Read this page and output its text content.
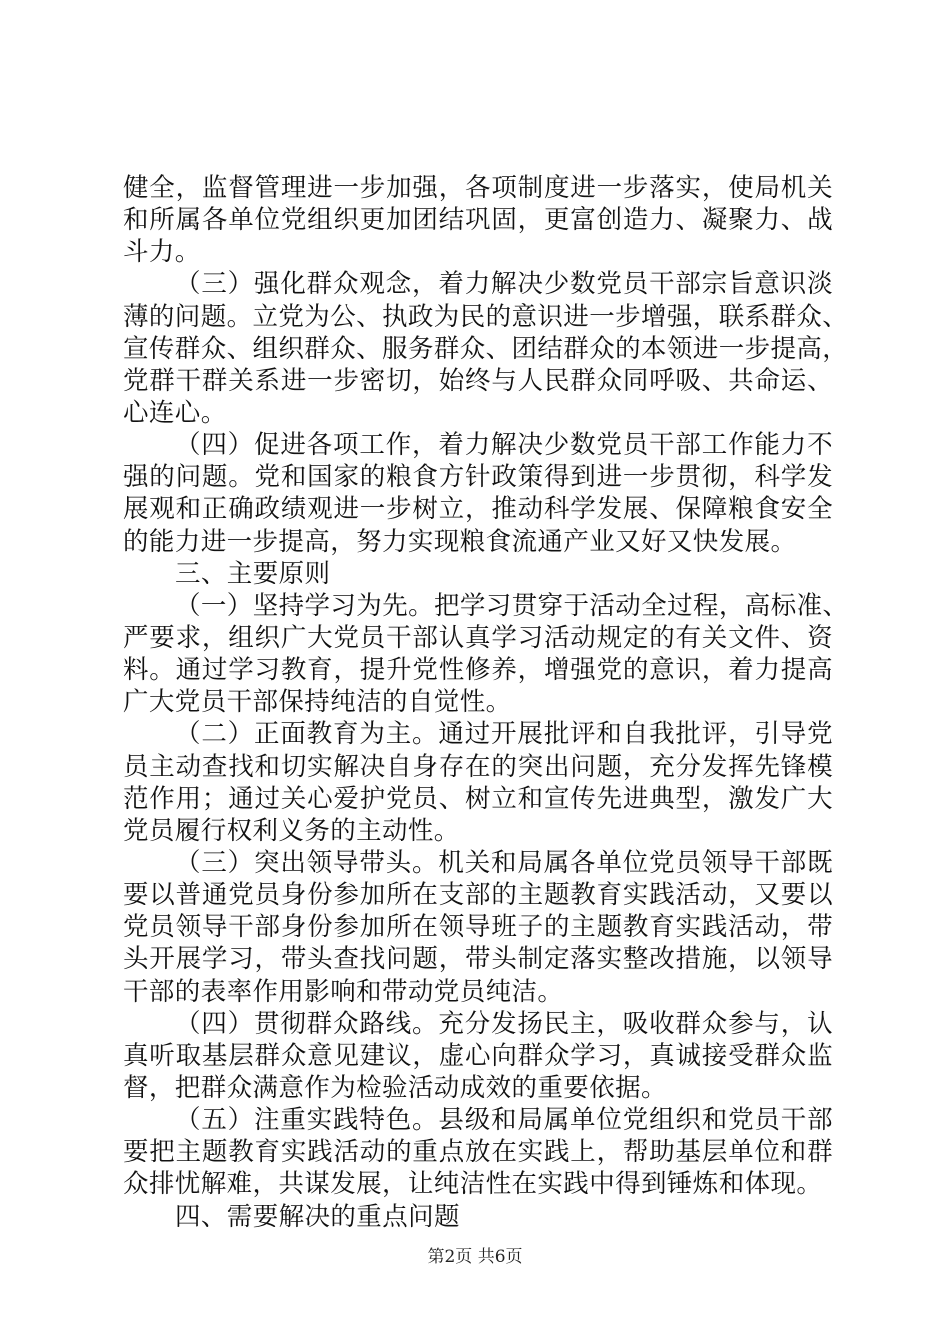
健全，监督管理进一步加强，各项制度进一步落实，使局机关
和所属各单位党组织更加团结巩固，更富创造力、凝聚力、战
斗力。
（三）强化群众观念，着力解决少数党员干部宗旨意识淡
薄的问题。立党为公、执政为民的意识进一步增强，联系群众、
宣传群众、组织群众、服务群众、团结群众的本领进一步提高，
党群干群关系进一步密切，始终与人民群众同呼吸、共命运、
心连心。
（四）促进各项工作，着力解决少数党员干部工作能力不
强的问题。党和国家的粮食方针政策得到进一步贯彻，科学发
展观和正确政绩观进一步树立，推动科学发展、保障粮食安全
的能力进一步提高，努力实现粮食流通产业又好又快发展。
三、主要原则
（一）坚持学习为先。把学习贯穿于活动全过程，高标准、
严要求，组织广大党员干部认真学习活动规定的有关文件、资
料。通过学习教育，提升党性修养，增强党的意识，着力提高
广大党员干部保持纯洁的自觉性。
（二）正面教育为主。通过开展批评和自我批评，引导党
员主动查找和切实解决自身存在的突出问题，充分发挥先锋模
范作用；通过关心爱护党员、树立和宣传先进典型，激发广大
党员履行权利义务的主动性。
（三）突出领导带头。机关和局属各单位党员领导干部既
要以普通党员身份参加所在支部的主题教育实践活动，又要以
党员领导干部身份参加所在领导班子的主题教育实践活动，带
头开展学习，带头查找问题，带头制定落实整改措施，以领导
干部的表率作用影响和带动党员纯洁。
（四）贯彻群众路线。充分发扬民主，吸收群众参与，认
真听取基层群众意见建议，虚心向群众学习，真诚接受群众监
督，把群众满意作为检验活动成效的重要依据。
（五）注重实践特色。县级和局属单位党组织和党员干部
要把主题教育实践活动的重点放在实践上，帮助基层单位和群
众排忧解难，共谋发展，让纯洁性在实践中得到锤炼和体现。
四、需要解决的重点问题
第2页 共6页
